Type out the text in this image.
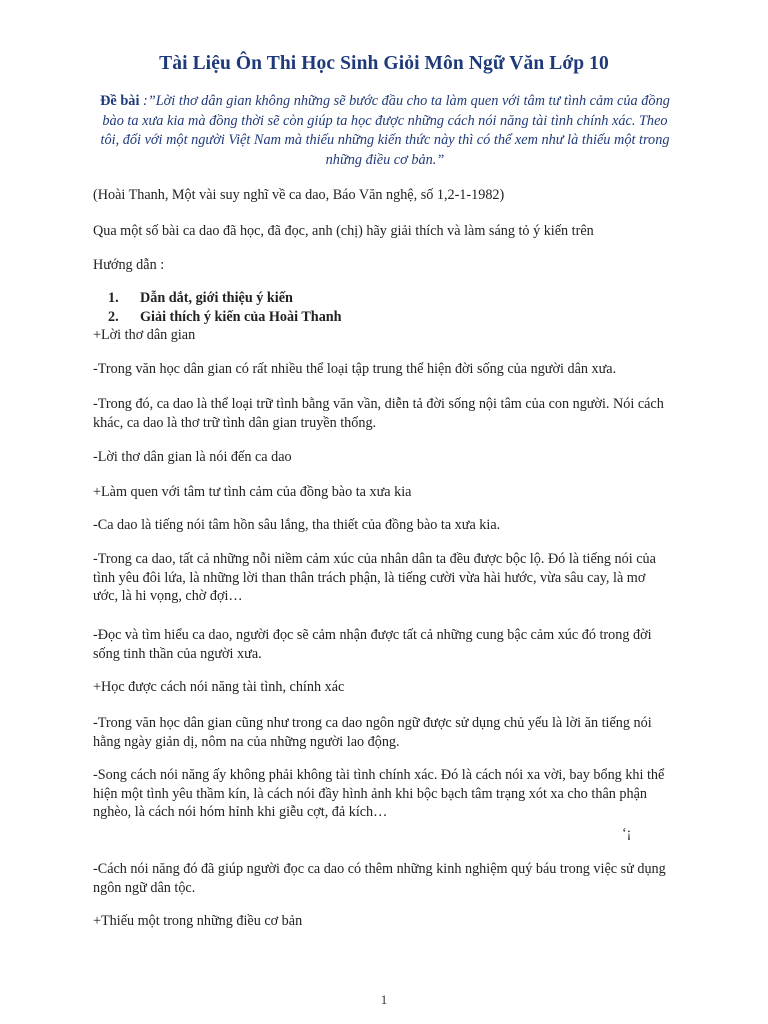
Tài Liệu Ôn Thi Học Sinh Giỏi Môn Ngữ Văn Lớp 10
Đề bài :”Lời thơ dân gian không những sẽ bước đầu cho ta làm quen với tâm tư tình cảm của đồng bào ta xưa kia mà đồng thời sẽ còn giúp ta học được những cách nói năng tài tình chính xác. Theo tôi, đối với một người Việt Nam mà thiếu những kiến thức này thì có thể xem như là thiếu một trong những điều cơ bản.”
(Hoài Thanh, Một vài suy nghĩ về ca dao, Báo Văn nghệ, số 1,2-1-1982)
Qua một số bài ca dao đã học, đã đọc, anh (chị) hãy giải thích và làm sáng tỏ ý kiến trên
Hướng dẫn :
1.	Dẫn dắt, giới thiệu ý kiến
2.	Giải thích ý kiến của Hoài Thanh
+Lời thơ dân gian
-Trong văn học dân gian có rất nhiều thể loại tập trung thể hiện đời sống của người dân xưa.
-Trong đó, ca dao là thể loại trữ tình bằng văn vần, diễn tả đời sống nội tâm của con người. Nói cách khác, ca dao là thơ trữ tình dân gian truyền thống.
-Lời thơ dân gian là nói đến ca dao
+Làm quen với tâm tư tình cảm của đồng bào ta xưa kia
-Ca dao là tiếng nói tâm hồn sâu lắng, tha thiết của đồng bào ta xưa kia.
-Trong ca dao, tất cả những nỗi niềm cảm xúc của nhân dân ta đều được bộc lộ. Đó là tiếng nói của tình yêu đôi lứa, là những lời than thân trách phận, là tiếng cười vừa hài hước, vừa sâu cay, là mơ ước, là hi vọng, chờ đợi…
-Đọc và tìm hiểu ca dao, người đọc sẽ cảm nhận được tất cả những cung bậc cảm xúc đó trong đời sống tinh thần của người xưa.
+Học được cách nói năng tài tình, chính xác
-Trong văn học dân gian cũng như trong ca dao ngôn ngữ được sử dụng chủ yếu là lời ăn tiếng nói hằng ngày giản dị, nôm na của những người lao động.
-Song cách nói năng ấy không phải không tài tình chính xác. Đó là cách nói xa vời, bay bổng khi thể hiện một tình yêu thầm kín, là cách nói đầy hình ảnh khi bộc bạch tâm trạng xót xa cho thân phận nghèo, là cách nói hóm hỉnh khi giễu cợt, đả kích…
‘¡
-Cách nói năng đó đã giúp người đọc ca dao có thêm những kinh nghiệm quý báu trong việc sử dụng ngôn ngữ dân tộc.
+Thiếu một trong những điều cơ bản
1
